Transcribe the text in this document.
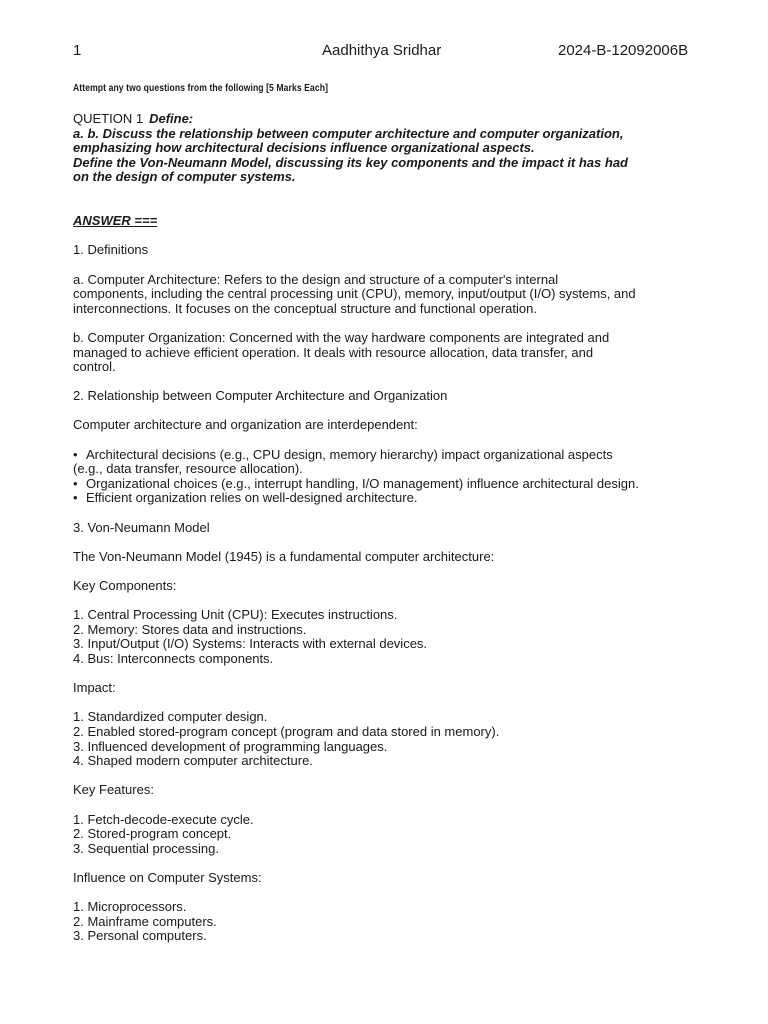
1	Aadhithya Sridhar	2024-B-12092006B
Attempt any two questions from the following [5 Marks Each]

QUETION 1 Define:

a. b. Discuss the relationship between computer architecture and computer organization,

emphasizing how architectural decisions influence organizational aspects.

Define the Von-Neumann Model, discussing its key components and the impact it has had

on the design of computer systems.

ANSWER ===

1. Definitions

a. Computer Architecture: Refers to the design and structure of a computer's internal

components, including the central processing unit (CPU), memory, input/output (I/O) systems, and

interconnections. It focuses on the conceptual structure and functional operation.

b. Computer Organization: Concerned with the way hardware components are integrated and

managed to achieve efficient operation. It deals with resource allocation, data transfer, and

control.

2. Relationship between Computer Architecture and Organization

Computer architecture and organization are interdependent:

• Architectural decisions (e.g., CPU design, memory hierarchy) impact organizational aspects

(e.g., data transfer, resource allocation).

• Organizational choices (e.g., interrupt handling, I/O management) influence architectural design.

• Efficient organization relies on well-designed architecture.

3. Von-Neumann Model

The Von-Neumann Model (1945) is a fundamental computer architecture:

Key Components:

1. Central Processing Unit (CPU): Executes instructions.

2. Memory: Stores data and instructions.

3. Input/Output (I/O) Systems: Interacts with external devices.

4. Bus: Interconnects components.

Impact:

1. Standardized computer design.

2. Enabled stored-program concept (program and data stored in memory).

3. Influenced development of programming languages.

4. Shaped modern computer architecture.

Key Features:

1. Fetch-decode-execute cycle.

2. Stored-program concept.

3. Sequential processing.

Influence on Computer Systems:

1. Microprocessors.

2. Mainframe computers.

3. Personal computers.
